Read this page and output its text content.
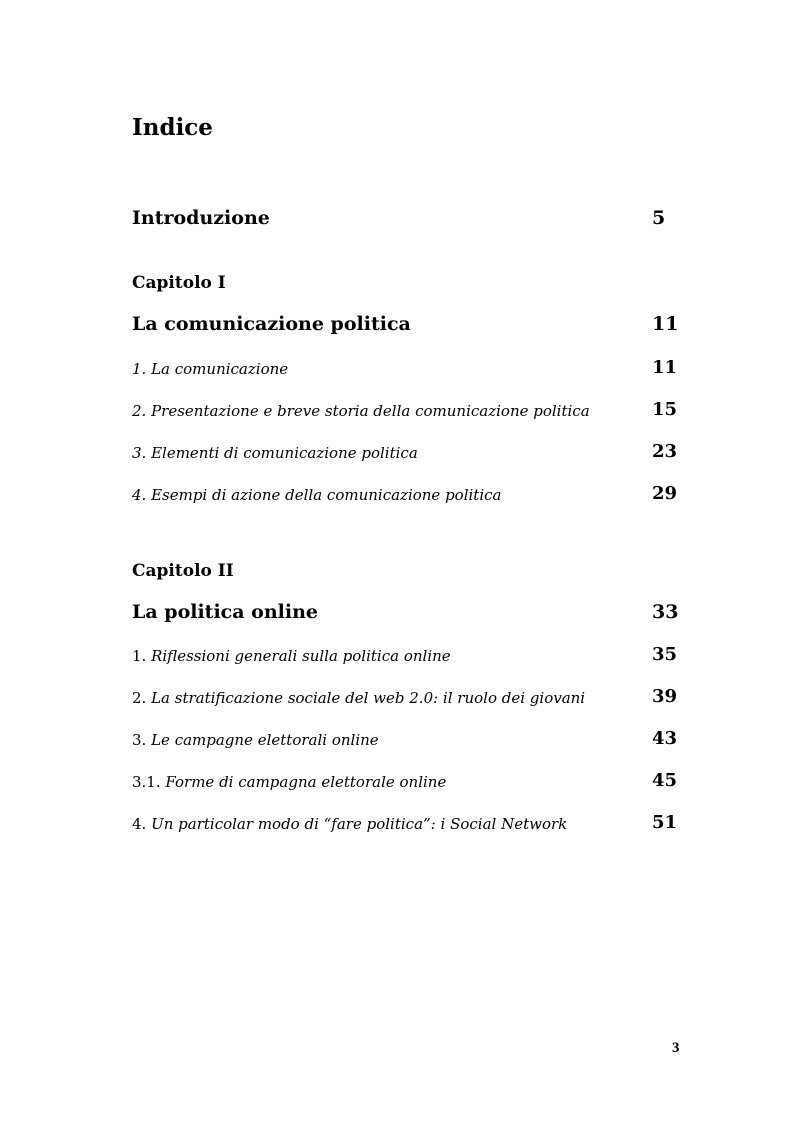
Indice
Introduzione	5
Capitolo I
La comunicazione politica	11
1. La comunicazione	11
2. Presentazione e breve storia della comunicazione politica	15
3. Elementi di comunicazione politica	23
4. Esempi di azione della comunicazione politica	29
Capitolo II
La politica online	33
1. Riflessioni generali sulla politica online	35
2. La stratificazione sociale del web 2.0: il ruolo dei giovani	39
3. Le campagne elettorali online	43
3.1. Forme di campagna elettorale online	45
4. Un particolar modo di “fare politica”: i Social Network	51
3
